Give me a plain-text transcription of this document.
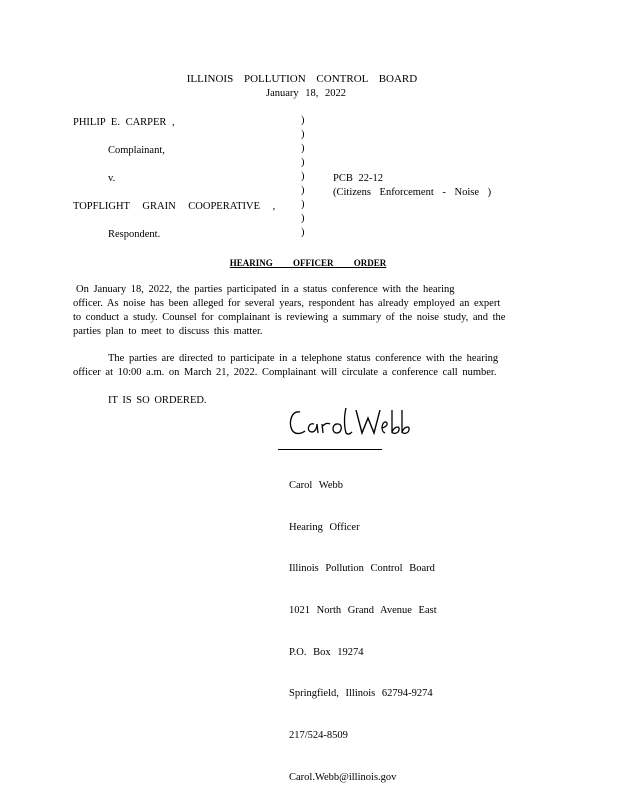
ILLINOIS POLLUTION CONTROL BOARD
January 18, 2022
PHILIP E. CARPER ,
Complainant,
v.
TOPFLIGHT GRAIN COOPERATIVE ,
Respondent.
)
)
)
)
)
)
)
)
)
PCB 22-12
(Citizens Enforcement - Noise )
HEARING OFFICER ORDER
On January 18, 2022, the parties participated in a status conference with the hearing
officer. As noise has been alleged for several years, respondent has already employed an expert
to conduct a study. Counsel for complainant is reviewing a summary of the noise study, and the
parties plan to meet to discuss this matter.
The parties are directed to participate in a telephone status conference with the hearing
officer at 10:00 a.m. on March 21, 2022. Complainant will circulate a conference call number.
IT IS SO ORDERED.

Carol Webb

Hearing Officer

Illinois Pollution Control Board

1021 North Grand Avenue East

P.O. Box 19274

Springfield, Illinois 62794-9274

217/524-8509

Carol.Webb@illinois.gov
